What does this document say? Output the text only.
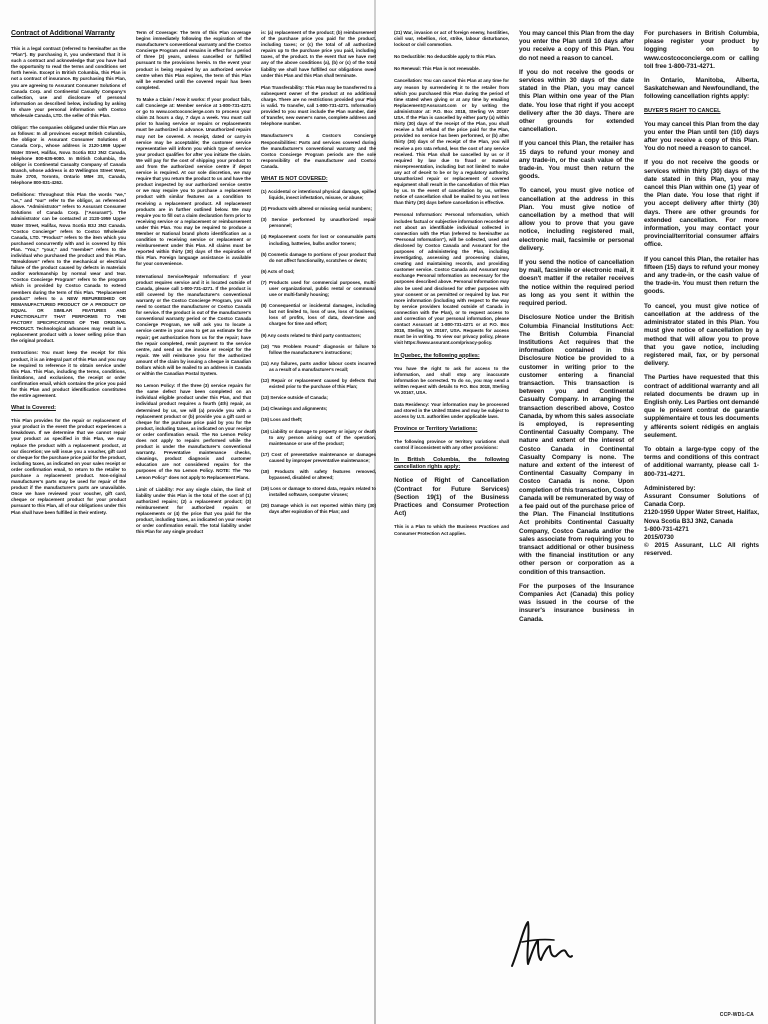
Contract of Additional Warranty

This is a legal contract (referred to hereinafter as the "Plan"). By purchasing it, you understand that it is such a contract and acknowledge that you have had the opportunity to read the terms and conditions set forth herein. Except in British Columbia, this Plan is not a contract of insurance. By purchasing this Plan, you are agreeing to Assurant Consumer Solutions of Canada Corp. and Continental Casualty Company's collection, use and disclosure of personal information as described below, including by asking to share your personal information with Costco Wholesale Canada, LTD. the seller of this Plan.

Obligor: The companies obligated under this Plan are as follows: In all provinces except British Columbia, the obligor is Assurant Consumer Solutions of Canada Corp., whose address is 2120-1959 Upper Water Street, Halifax, Nova Scotia B3J 3N2 Canada, telephone 800-635-6080. In British Columbia, the obligor is Continental Casualty Company of Canada Branch, whose address is 40 Wellington Street West, Suite 2700, Toronto, Ontario M5H 3S, Canada, telephone 800-831-4262.

Definitions: Throughout this Plan the words "we," "us," and "our" refer to the obligor, as referenced above. "Administrator" refers to Assurant Consumer Solutions of Canada Corp. ("Assurant"). The administrator can be contacted at 2120-1959 Upper Water Street, Halifax, Nova Scotia B3J 3N2 Canada. "Costco Concierge" refers to Costco Wholesale Canada, LTD. "Product" refers to the item which you purchased concurrently with and is covered by this Plan. "You," "your," and "member" refers to the individual who purchased the product and this Plan. "Breakdown" refers to the mechanical or electrical failure of the product caused by defects in materials and/or workmanship by normal wear and tear. "Costco Concierge Program" refers to the program which is provided by Costco Canada to extend members during the term of this Plan. "Replacement product" refers to a NEW REFURBISHED OR REMANUFACTURED PRODUCT OF A PRODUCT OF EQUAL OR SIMILAR FEATURES AND FUNCTIONALITY THAT PERFORMS TO THE FACTORY SPECIFICATIONS OF THE ORIGINAL PRODUCT. Technological advances may result in a replacement product with a lower selling price than the original product.

Instructions: You must keep the receipt for this product, it is an integral part of this Plan and you may be required to reference it to obtain service under this Plan. This Plan, including the terms, conditions, limitations, and exclusions, the receipt or order confirmation email, which contains the price you paid for this Plan and product identification constitutes the entire agreement.

What is Covered:

This Plan provides for the repair or replacement of your product in the event the product experiences a breakdown. If we determine that we cannot repair your product as specified in this Plan, we may replace the product with a replacement product, at our discretion; we will issue you a voucher, gift card or cheque for the purchase price paid for the product, including taxes, as indicated on your sales receipt or order confirmation email, to return to the retailer to purchase a replacement product. Non-original manufacturer's parts may be used for repair of the product if the manufacturer's parts are unavailable. Once we have reviewed your voucher, gift card, cheque or replacement product for your product pursuant to this Plan, all of our obligations under this Plan shall have been fulfilled in their entirety.

Term of Coverage: The term of this Plan coverage begins immediately following the expiration of the manufacturer's conventional warranty and the Costco Concierge Program and remains in effect for a period of three (3) years, unless cancelled or fulfilled pursuant to the provisions herein. In the event your product is being repaired by an authorized service centre when this Plan expires, the term of this Plan will be extended until the covered repair has been completed.

To Make a Claim / How it works: If your product fails, call Concierge at: Member service at 1-800-731-4271 or go to www.costcoconcierge.com to process your claim 24 hours a day, 7 days a week. You must call prior to having service or repairs or replacements must be authorized in advance. Unauthorized repairs may not be covered. A receipt, dated or carry-in service may be acceptable; the customer service representative will inform you which type of service your product qualifies for after you initiate the claim. We will pay for the cost of shipping your product to and from the authorized service centre if depot service is required. At our sole discretion, we may require that you return the product to us and have the product inspected by our authorized service centre or we may require you to purchase a replacement product with similar features as a condition to receiving a replacement product. All replacement products are in further outlined below. We may require you to fill out a claim declaration form prior to receiving service or a replacement or reimbursement under this Plan. You may be required to produce a Member or National brand photo identification as a condition to receiving service or replacement or reimbursement under this Plan. All claims must be reported within thirty (30) days of the expiration of this Plan. Foreign language assistance is available for your convenience.

International Service/Repair Information: If your product requires service and it is located outside of Canada, please call 1-800-731-4271. If the product is still covered by the manufacturer's conventional warranty or the Costco Concierge Program, you will need to contact the manufacturer or Costco Canada for service. If the product is out of the manufacturer's conventional warranty period or the Costco Canada Concierge Program, we will ask you to locate a service centre in your area to get an estimate for the repair; get authorization from us for the repair; have the repair completed, remit payment to the service centre, and send us the invoice or receipt for the repair. We will reimburse you for the authorized amount of the claim by issuing a cheque in Canadian Dollars which will be mailed to an address in Canada or within the Canadian Postal System.

No Lemon Policy: If the three (3) service repairs for the same defect have been completed on an individual eligible product under this Plan, and that individual product requires a fourth (4th) repair, as determined by us, we will (a) provide you with a replacement product or (b) provide you a gift card or cheque for the purchase price paid by you for the product, including taxes, as indicated on your receipt or order confirmation email. The No Lemon Policy does not apply to repairs performed while the product is under the manufacturer's conventional warranty. Preventative maintenance checks, cleanings, product diagnosis and customer education are not considered repairs for the purposes of the No Lemon Policy. NOTE: The "No Lemon Policy" does not apply to Replacement Plans.

Limit of Liability: For any single claim, the limit of liability under this Plan is the total of the cost of (1) authorized repairs; (2) a replacement product; (3) reimbursement for authorized repairs or replacements or (4) the price that you paid for the product, including taxes, as indicated on your receipt or order confirmation email. The total liability under this Plan for any single product

is: (a) replacement of the product; (b) reimbursement of the purchase price you paid for the product, including taxes; or (c) the total of all authorized repairs up to the purchase price you paid, including taxes, of the product. In the event that we have met any of the above conditions (a), (b) or (c) of the total liability we shall have fulfilled our obligations owed under this Plan and this Plan shall terminate.

Plan Transferability: This Plan may be transferred to a subsequent owner of the product at no additional charge. There are no restrictions provided your Plan is valid. To transfer, call 1-800-731-4271. Information provided to you must include the Plan number, date of transfer, new owner's name, complete address and telephone number.

Manufacturer's & Costco's Concierge Responsibilities: Parts and services covered during the manufacturer's conventional warranty and the Costco Concierge Program periods are the sole responsibility of the manufacturer and Costco Canada.

WHAT IS NOT COVERED:

(1) Accidental or intentional physical damage, spilled liquids, insect infestation, misuse, or abuse;
(2) Products with altered or missing serial numbers;
(3) Service performed by unauthorized repair personnel;
(4) Replacement costs for lost or consumable parts including, batteries, bulbs and/or toners;
(5) Cosmetic damage to portions of your product that do not affect functionality, scratches or dents;
(6) Acts of God;
(7) Products used for commercial purposes, multi-user organizational, public rental or communal use or multi-family housing;
(8) Consequential or incidental damages, including but not limited to, loss of use, loss of business, loss of profits, loss of data, down-time and charges for time and effort;
(9) Any costs related to third party contractors;
(10) "No Problem Found" diagnosis or failure to follow the manufacturer's instructions;
(11) Any failures, parts and/or labour costs incurred as a result of a manufacturer's recall;
(12) Repair or replacement caused by defects that existed prior to the purchase of this Plan;
(13) Service outside of Canada;
(14) Cleanings and alignments;
(15) Loss and theft;
(16) Liability or damage to property or injury or death to any person arising out of the operation, maintenance or use of the product;
(17) Cost of preventative maintenance or damages caused by improper preventative maintenance;
(18) Products with safety features removed, bypassed, disabled or altered;
(19) Loss or damage to stored data, repairs related to installed software, computer viruses;
(20) Damage which is not reported within thirty (30) days after expiration of this Plan; and

(21) War, invasion or act of foreign enemy, hostilities, civil war, rebellion, riot, strike, labour disturbance, lockout or civil commotion.

No Deductible: No deductible apply to this Plan.

No Renewal: This Plan is not renewable.

Cancellation: You can cancel this Plan at any time for any reason by surrendering it to the retailer from which you purchased this Plan during the period of time stated when giving or at any time by emailing Replacement@Assurant.com or by writing the administrator at: P.O. Box 3018, Sterling VA 20167 USA. If the Plan is cancelled by either party (a) within thirty (30) days of the receipt of the Plan, you shall receive a full refund of the price paid for the Plan, provided no service has been performed, or (b) after thirty (30) days of the receipt of the Plan, you will receive a pro rata refund, less the cost of any service received. This Plan shall be cancelled by us or if required by law due to fraud or material misrepresentation, including but not limited to make any act of deceit to be or by a regulatory authority. Unauthorized repair or replacement of covered equipment shall result in the cancellation of this Plan by us. In the event of cancellation by us, written notice of cancellation shall be mailed to you not less than thirty (30) days before cancellation is effective.

Personal Information: Personal Information, which includes factual or subjective information recorded or not about an identifiable individual collected in connection with the Plan (referred to hereinafter as "Personal Information"), will be collected, used and disclosed by Costco Canada and Assurant for the purposes of administering the Plan, including investigating, assessing and processing claims, creating and maintaining records, and providing customer service. Costco Canada and Assurant may exchange Personal Information as necessary for the purposes described above. Personal Information may also be used and disclosed for other purposes with your consent or as permitted or required by law. For more information (including with respect to the way by service providers located outside of Canada in connection with the Plan), or to request access to and correction of your personal information, please contact Assurant at 1-800-731-4271 or at P.O. Box 3018, Sterling VA 20167, USA. Requests for access must be in writing. To view our privacy policy, please visit https://www.assurant.com/privacy-policy.

In Quebec, the following applies:

You have the right to ask for access to the information, and shall stop any inaccurate information be corrected. To do so, you may send a written request with details to P.O. Box 3018, Sterling VA 20167, USA.

Data Residency: Your information may be processed and stored in the United States and may be subject to access by U.S. authorities under applicable laws.

Province or Territory Variations:

The following province or territory variations shall control if inconsistent with any other provisions:

In British Columbia, the following cancellation rights apply:

Notice of Right of Cancellation (Contract for Future Services) (Section 19(1) of the Business Practices and Consumer Protection Act)

This is a Plan to which the Business Practices and Consumer Protection Act applies.

You may cancel this Plan from the day you enter the Plan until 10 days after you receive a copy of this Plan. You do not need a reason to cancel.

If you do not receive the goods or services within 30 days of the date stated in the Plan, you may cancel this Plan within one year of the Plan date. You lose that right if you accept delivery after the 30 days. There are other grounds for extended cancellation.

If you cancel this Plan, the retailer has 15 days to refund your money and any trade-in, or the cash value of the trade-in. You must then return the goods.

To cancel, you must give notice of cancellation at the address in this Plan. You must give notice of cancellation by a method that will allow you to prove that you gave notice, including registered mail, electronic mail, facsimile or personal delivery.

If you send the notice of cancellation by mail, facsimile or electronic mail, it doesn't matter if the retailer receives the notice within the required period as long as you sent it within the required period.

Disclosure Notice under the British Columbia Financial Institutions Act: The British Columbia Financial Institutions Act requires that the information contained in this Disclosure Notice be provided to a customer in writing prior to the customer entering a financial transaction. This transaction is between you and Continental Casualty Company. In arranging the transaction described above, Costco Canada, by whom this sales associate is employed, is representing Continental Casualty Company. The nature and extent of the interest of Costco Canada in Continental Casualty Company is none. The nature and extent of the interest of Continental Casualty Company in Costco Canada is none. Upon completion of this transaction, Costco Canada will be remunerated by way of a fee paid out of the purchase price of the Plan. The Financial Institutions Act prohibits Continental Casualty Company, Costco Canada and/or the sales associate from requiring you to transact additional or other business with the financial institution or any other person or corporation as a condition of this transaction.

For the purposes of the Insurance Companies Act (Canada) this policy was issued in the course of the insurer's insurance business in Canada.

For purchasers in British Columbia, please register your product by logging on to www.costcoconcierge.com or calling toll free 1-800-731-4271.

In Ontario, Manitoba, Alberta, Saskatchewan and Newfoundland, the following cancellation rights apply:

BUYER'S RIGHT TO CANCEL

You may cancel this Plan from the day you enter the Plan until ten (10) days after you receive a copy of this Plan. You do not need a reason to cancel.

If you do not receive the goods or services within thirty (30) days of the date stated in this Plan, you may cancel this Plan within one (1) year of the Plan date. You lose that right if you accept delivery after thirty (30) days. There are other grounds for extended cancellation. For more information, you may contact your provincial/territorial consumer affairs office.

If you cancel this Plan, the retailer has fifteen (15) days to refund your money and any trade-in, or the cash value of the trade-in. You must then return the goods.

To cancel, you must give notice of cancellation at the address of the administrator stated in this Plan. You must give notice of cancellation by a method that will allow you to prove that you gave notice, including registered mail, fax, or by personal delivery.

The Parties have requested that this contract of additional warranty and all related documents be drawn up in English only. Les Parties ont demandé que le présent contrat de garantie supplémentaire et tous les documents y afférents soient rédigés en anglais seulement.

To obtain a large-type copy of the terms and conditions of this contract of additional warranty, please call 1-800-731-4271.

Administered by:

Assurant Consumer Solutions of Canada Corp.

2120-1959 Upper Water Street, Halifax, Nova Scotia B3J 3N2, Canada

1-800-731-4271

2015/0730

© 2015 Assurant, LLC All rights reserved.

CCP-WD1-CA
